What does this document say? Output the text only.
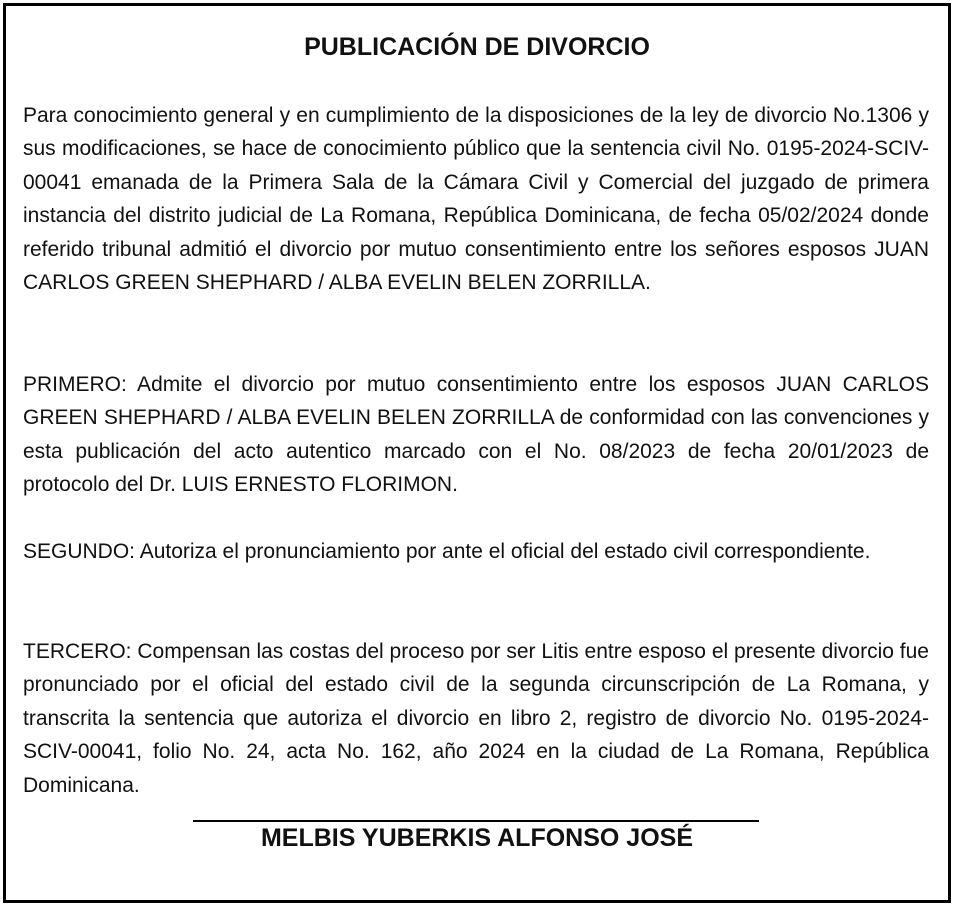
PUBLICACIÓN DE DIVORCIO

Para conocimiento general y en cumplimiento de la disposiciones de la ley de divorcio No.1306 y sus modificaciones, se hace de conocimiento público que la sentencia civil No. 0195-2024-SCIV-00041 emanada de la Primera Sala de la Cámara Civil y Comercial del juzgado de primera instancia del distrito judicial de La Romana, República Dominicana, de fecha 05/02/2024 donde referido tribunal admitió el divorcio por mutuo consentimiento entre los señores esposos JUAN CARLOS GREEN SHEPHARD / ALBA EVELIN BELEN ZORRILLA.

PRIMERO: Admite el divorcio por mutuo consentimiento entre los esposos JUAN CARLOS GREEN SHEPHARD / ALBA EVELIN BELEN ZORRILLA de conformidad con las convenciones y esta publicación del acto autentico marcado con el No. 08/2023 de fecha 20/01/2023 de protocolo del Dr. LUIS ERNESTO FLORIMON.

SEGUNDO: Autoriza el pronunciamiento por ante el oficial del estado civil correspondiente.

TERCERO: Compensan las costas del proceso por ser Litis entre esposo el presente divorcio fue pronunciado por el oficial del estado civil de la segunda circunscripción de La Romana, y transcrita la sentencia que autoriza el divorcio en libro 2, registro de divorcio No. 0195-2024-SCIV-00041, folio No. 24, acta No. 162, año 2024 en la ciudad de La Romana, República Dominicana.

MELBIS YUBERKIS ALFONSO JOSÉ
